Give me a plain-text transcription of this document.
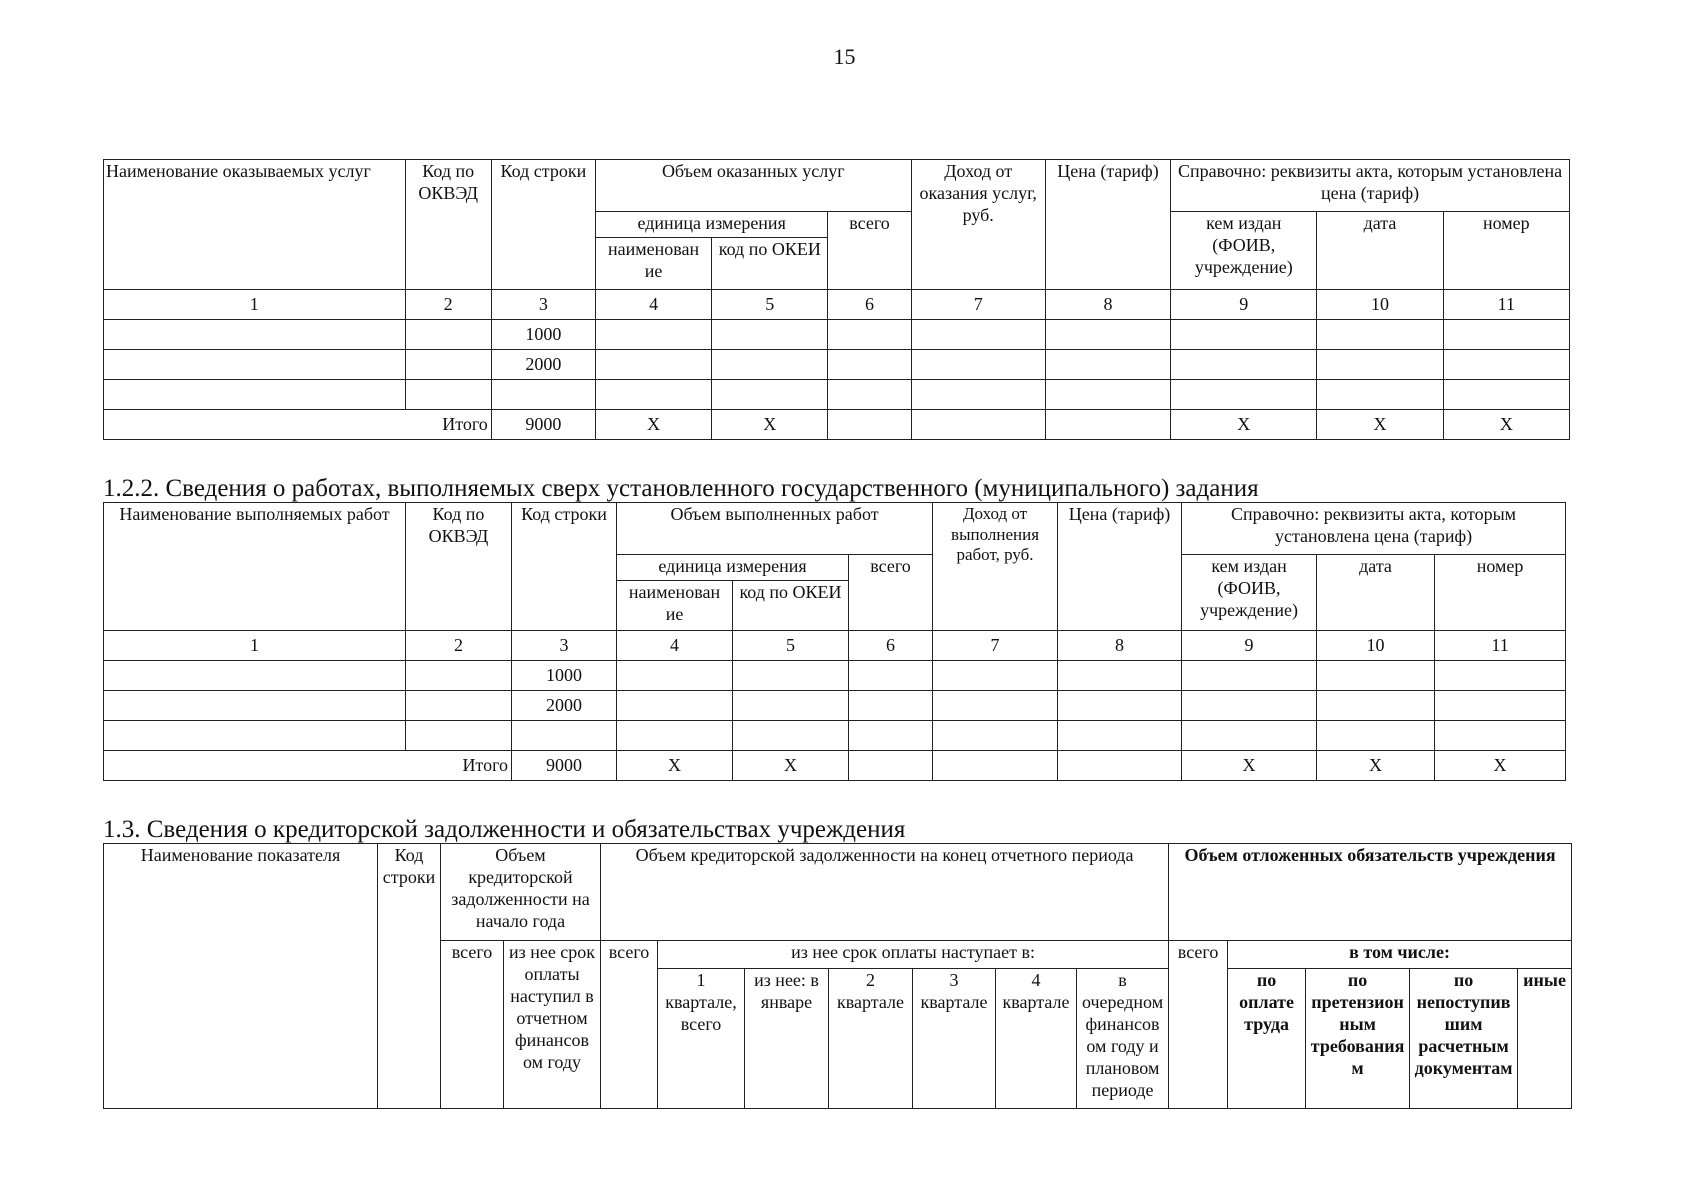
15
Наименование оказываемых услуг	Код по ОКВЭД	Код строки	Объем оказанных услуг			Доход от оказания услуг, руб.	Цена (тариф)	Справочно: реквизиты акта, которым установлена цена (тариф)		
			единица измерения		всего			кем издан (ФОИВ, учреждение)	дата	номер
			наименован ие	код по ОКЕИ						
1	2	3	4	5	6	7	8	9	10	11
		1000								
		2000								

Итого		9000	X	X				X	X	X
1.2.2. Сведения о работах, выполняемых сверх установленного государственного (муниципального) задания
Наименование выполняемых работ	Код по ОКВЭД	Код строки	Объем выполненных работ			Доход от выполнения работ, руб.	Цена (тариф)	Справочно: реквизиты акта, которым установлена цена (тариф)		
			единица измерения		всего			кем издан (ФОИВ, учреждение)	дата	номер
			наименован ие	код по ОКЕИ						
1	2	3	4	5	6	7	8	9	10	11
		1000								
		2000								

Итого		9000	X	X				X	X	X
1.3. Сведения о кредиторской задолженности и обязательствах учреждения
Наименование показателя	Код строки	Объем кредиторской задолженности на начало года		Объем кредиторской задолженности на конец отчетного периода							Объем отложенных обязательств учреждения				
		всего	из нее срок оплаты наступил в отчетном финансов ом году	всего	из нее срок оплаты наступает в:						всего	в том числе:			
					1 квартале, всего	из нее: в январе	2 квартале	3 квартале	4 квартале	в очередном финансов ом году и плановом периоде		по оплате труда	по претензион ным требования м	по непоступив шим расчетным документам	иные
